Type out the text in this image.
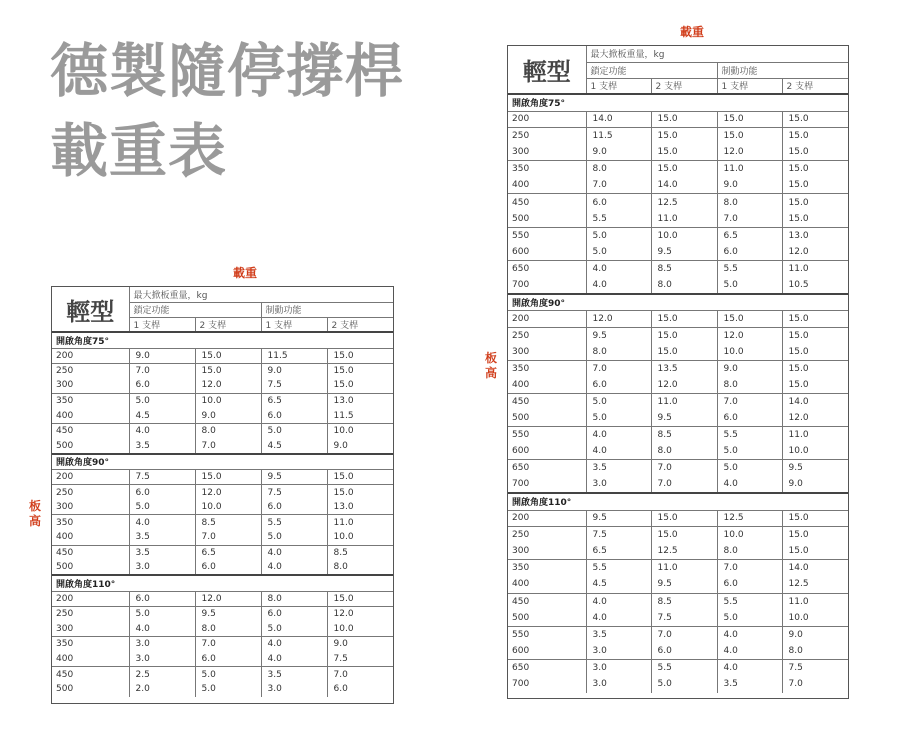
德製隨停撐桿
載重表
載重
板高
載重
板高
輕型	最大掀板重量，kg			
	鎖定功能		制動功能	
	1 支桿	2 支桿	1 支桿	2 支桿
開啟角度75°				
200	9.0	15.0	11.5	15.0
250	7.0	15.0	9.0	15.0
300	6.0	12.0	7.5	15.0
350	5.0	10.0	6.5	13.0
400	4.5	9.0	6.0	11.5
450	4.0	8.0	5.0	10.0
500	3.5	7.0	4.5	9.0
開啟角度90°				
200	7.5	15.0	9.5	15.0
250	6.0	12.0	7.5	15.0
300	5.0	10.0	6.0	13.0
350	4.0	8.5	5.5	11.0
400	3.5	7.0	5.0	10.0
450	3.5	6.5	4.0	8.5
500	3.0	6.0	4.0	8.0
開啟角度110°				
200	6.0	12.0	8.0	15.0
250	5.0	9.5	6.0	12.0
300	4.0	8.0	5.0	10.0
350	3.0	7.0	4.0	9.0
400	3.0	6.0	4.0	7.5
450	2.5	5.0	3.5	7.0
500	2.0	5.0	3.0	6.0
輕型	最大掀板重量，kg			
	鎖定功能		制動功能	
	1 支桿	2 支桿	1 支桿	2 支桿
開啟角度75°				
200	14.0	15.0	15.0	15.0
250	11.5	15.0	15.0	15.0
300	9.0	15.0	12.0	15.0
350	8.0	15.0	11.0	15.0
400	7.0	14.0	9.0	15.0
450	6.0	12.5	8.0	15.0
500	5.5	11.0	7.0	15.0
550	5.0	10.0	6.5	13.0
600	5.0	9.5	6.0	12.0
650	4.0	8.5	5.5	11.0
700	4.0	8.0	5.0	10.5
開啟角度90°				
200	12.0	15.0	15.0	15.0
250	9.5	15.0	12.0	15.0
300	8.0	15.0	10.0	15.0
350	7.0	13.5	9.0	15.0
400	6.0	12.0	8.0	15.0
450	5.0	11.0	7.0	14.0
500	5.0	9.5	6.0	12.0
550	4.0	8.5	5.5	11.0
600	4.0	8.0	5.0	10.0
650	3.5	7.0	5.0	9.5
700	3.0	7.0	4.0	9.0
開啟角度110°				
200	9.5	15.0	12.5	15.0
250	7.5	15.0	10.0	15.0
300	6.5	12.5	8.0	15.0
350	5.5	11.0	7.0	14.0
400	4.5	9.5	6.0	12.5
450	4.0	8.5	5.5	11.0
500	4.0	7.5	5.0	10.0
550	3.5	7.0	4.0	9.0
600	3.0	6.0	4.0	8.0
650	3.0	5.5	4.0	7.5
700	3.0	5.0	3.5	7.0
